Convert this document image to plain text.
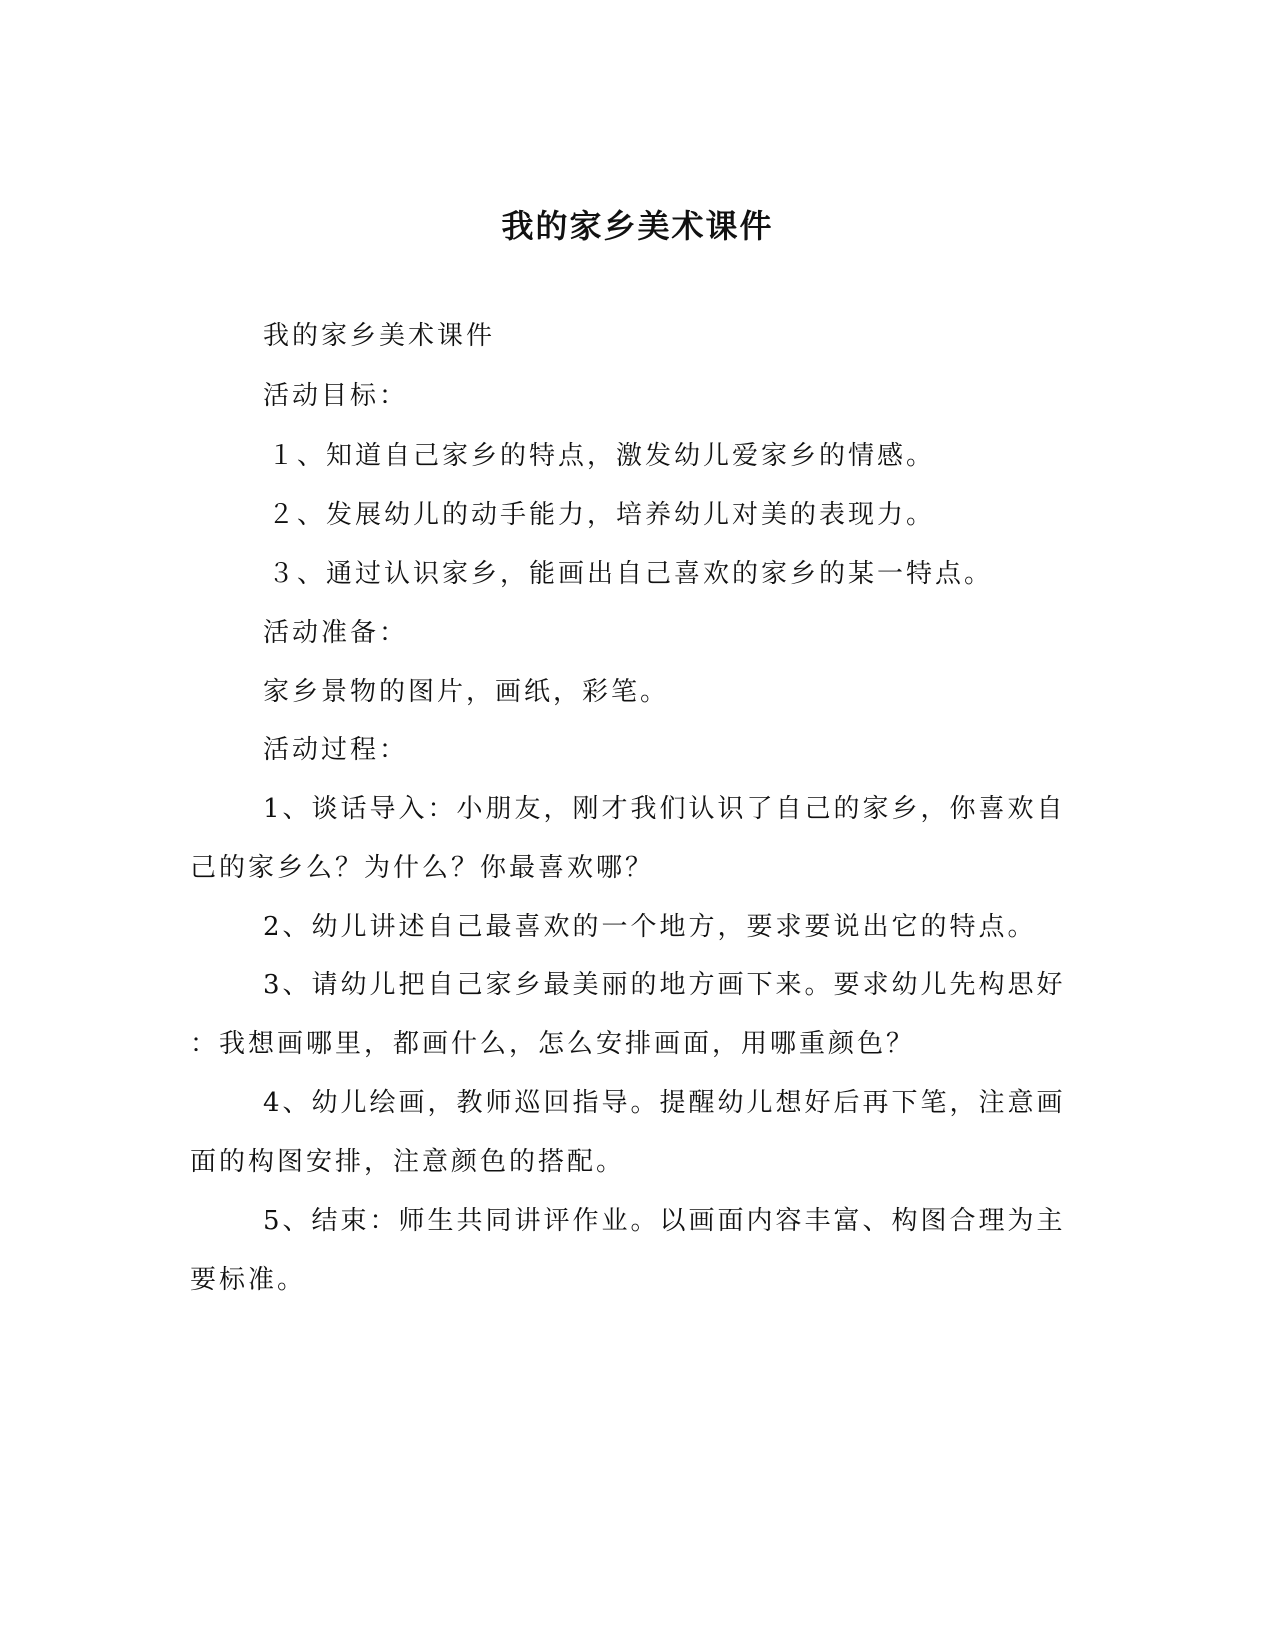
我的家乡美术课件
我的家乡美术课件
活动目标：
１、知道自己家乡的特点，激发幼儿爱家乡的情感。
２、发展幼儿的动手能力，培养幼儿对美的表现力。
３、通过认识家乡，能画出自己喜欢的家乡的某一特点。
活动准备：
家乡景物的图片，画纸，彩笔。
活动过程：
1、谈话导入：小朋友，刚才我们认识了自己的家乡，你喜欢自
己的家乡么？为什么？你最喜欢哪？
2、幼儿讲述自己最喜欢的一个地方，要求要说出它的特点。
3、请幼儿把自己家乡最美丽的地方画下来。要求幼儿先构思好
：我想画哪里，都画什么，怎么安排画面，用哪重颜色？
4、幼儿绘画，教师巡回指导。提醒幼儿想好后再下笔，注意画
面的构图安排，注意颜色的搭配。
5、结束：师生共同讲评作业。以画面内容丰富、构图合理为主
要标准。
